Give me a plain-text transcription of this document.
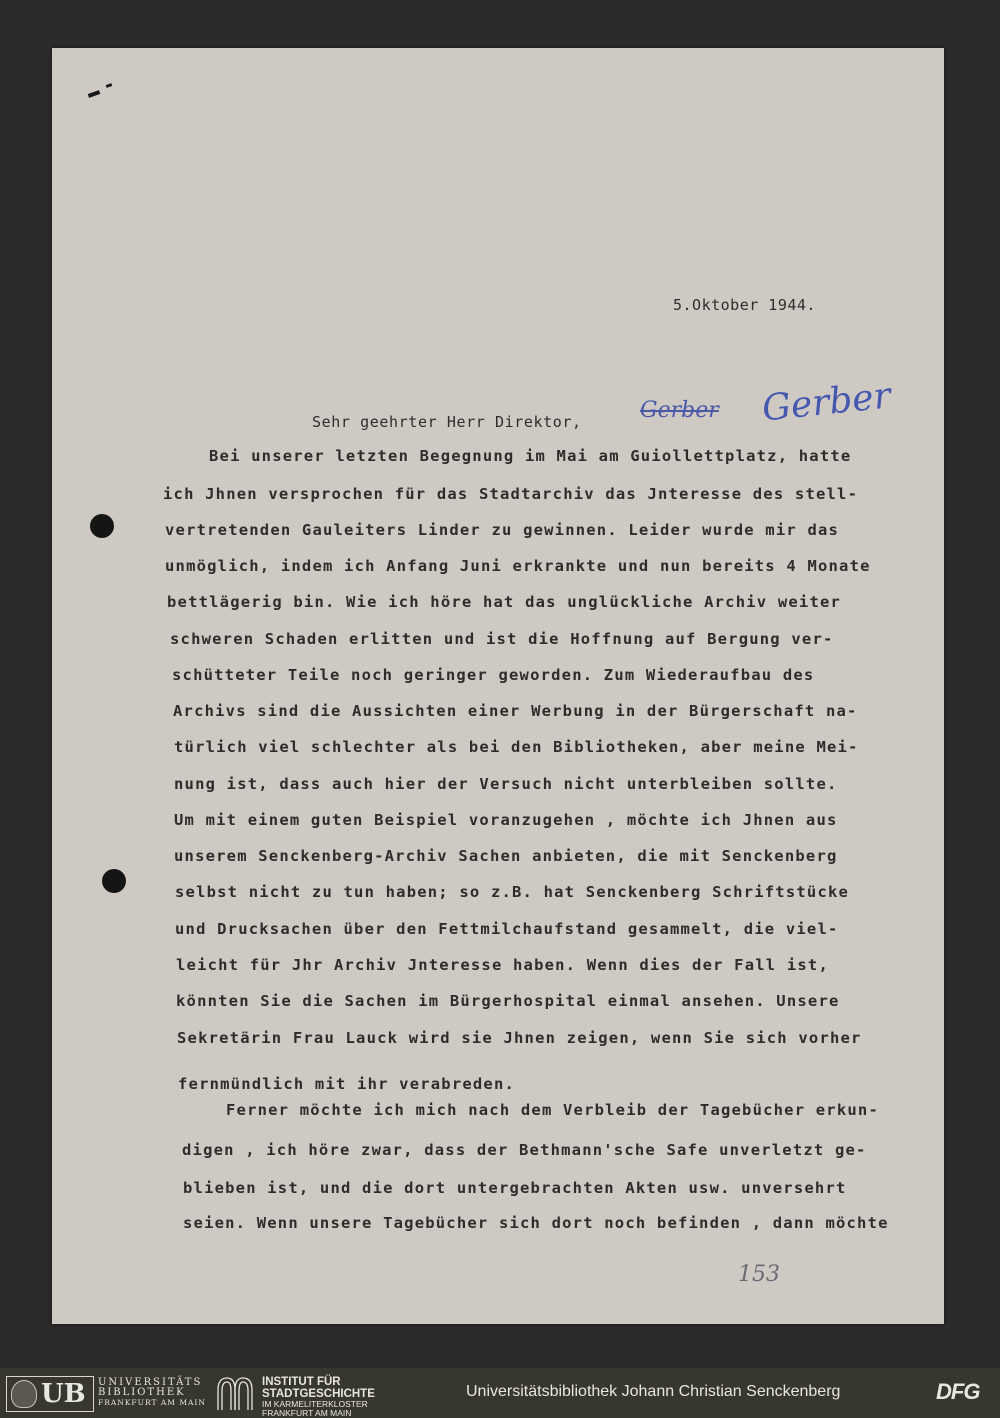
5.Oktober 1944.
Sehr geehrter Herr Direktor,	Gerber Gerber
Bei unserer letzten Begegnung im Mai am Guiollettplatz, hatte
ich Jhnen versprochen für das Stadtarchiv das Jnteresse des stell-
vertretenden Gauleiters Linder zu gewinnen. Leider wurde mir das
unmöglich, indem ich Anfang Juni erkrankte und nun bereits 4 Monate
bettlägerig bin. Wie ich höre hat das unglückliche Archiv weiter
schweren Schaden erlitten und ist die Hoffnung auf Bergung ver-
schütteter Teile noch geringer geworden. Zum Wiederaufbau des
Archivs sind die Aussichten einer Werbung in der Bürgerschaft na-
türlich viel schlechter als bei den Bibliotheken, aber meine Mei-
nung ist, dass auch hier der Versuch nicht unterbleiben sollte.
Um mit einem guten Beispiel voranzugehen , möchte ich Jhnen aus
unserem Senckenberg-Archiv Sachen anbieten, die mit Senckenberg
selbst nicht zu tun haben; so z.B. hat Senckenberg Schriftstücke
und Drucksachen über den Fettmilchaufstand gesammelt, die viel-
leicht für Jhr Archiv Jnteresse haben. Wenn dies der Fall ist,
könnten Sie die Sachen im Bürgerhospital einmal ansehen. Unsere
Sekretärin Frau Lauck wird sie Jhnen zeigen, wenn Sie sich vorher
fernmündlich mit ihr verabreden.
Ferner möchte ich mich nach dem Verbleib der Tagebücher erkun-
digen , ich höre zwar, dass der Bethmann'sche Safe unverletzt ge-
blieben ist, und die dort untergebrachten Akten usw. unversehrt
seien. Wenn unsere Tagebücher sich dort noch befinden , dann möchte
153
UB UNIVERSITÄTS
BIBLIOTHEK
FRANKFURT AM MAIN
INSTITUT FÜR
STADTGESCHICHTE
IM KARMELITERKLOSTER
FRANKFURT AM MAIN
Universitätsbibliothek Johann Christian Senckenberg	DFG
